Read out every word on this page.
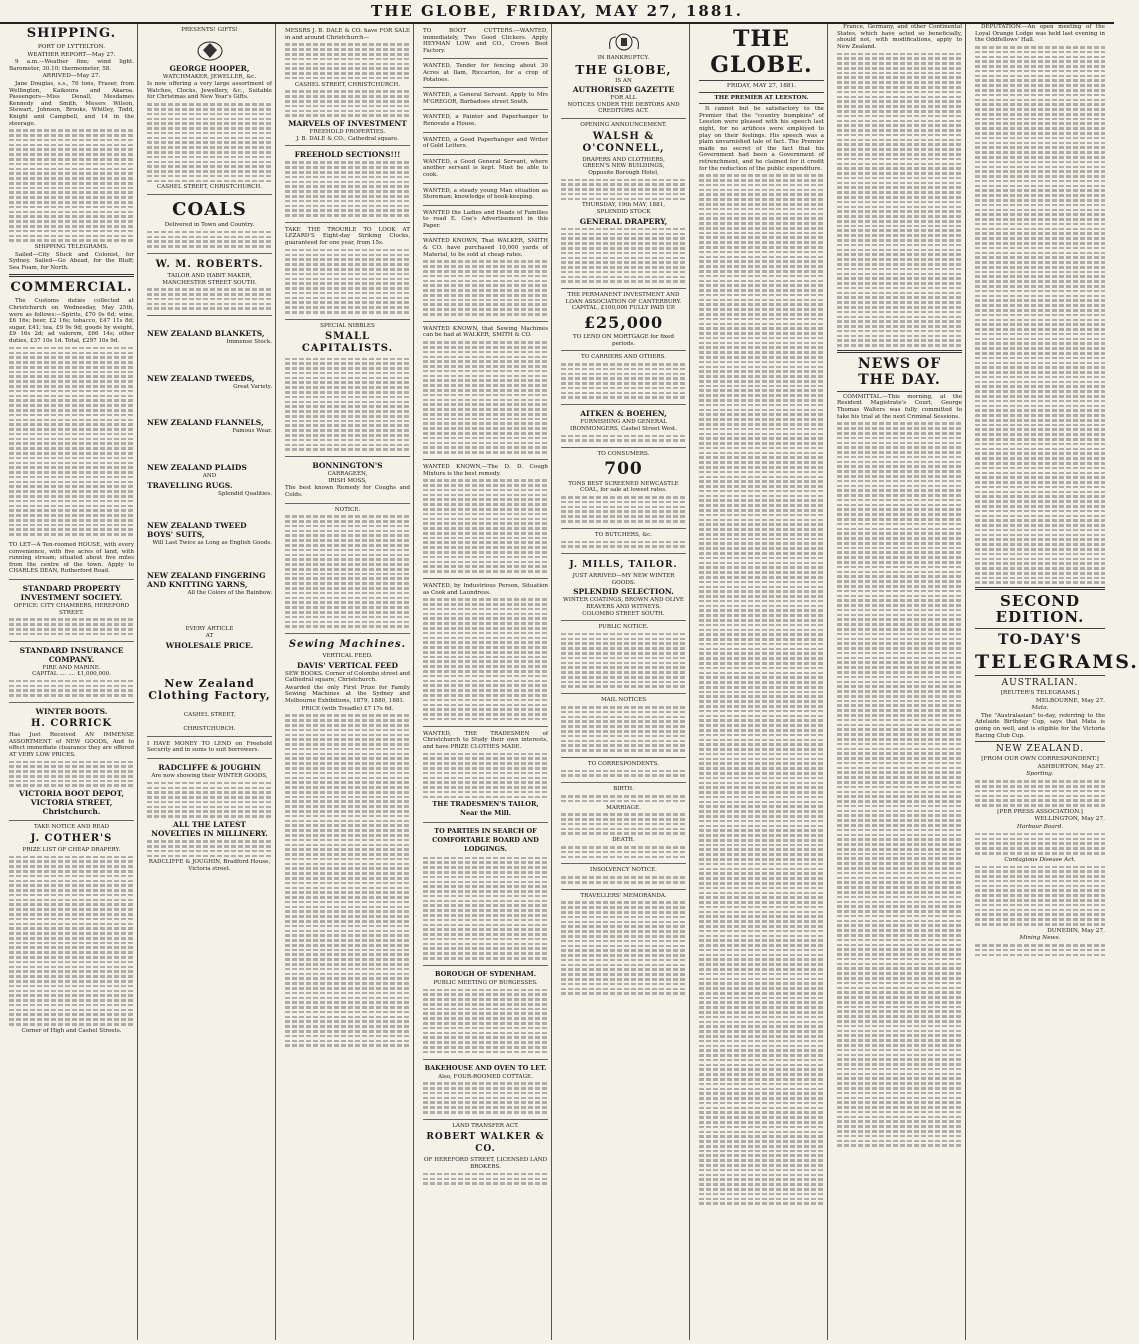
THE GLOBE, FRIDAY, MAY 27, 1881.
SHIPPING.
PORT OF LYTTELTON.
WEATHER REPORT—May 27.

9 a.m.—Weather fine; wind light. Barometer, 30.10; thermometer, 58.

ARRIVED—May 27.

Jane Douglas, s.s., 76 tons, Fraser, from Wellington, Kaikoura and Akaroa. Passengers—Miss Denall, Mesdames Kennedy and Smith, Messrs Wilson, Stewart, Johnson, Brooks, Whitley, Todd, Knight and Campbell, and 14 in the steerage.

SHIPPING TELEGRAMS.

Sailed—City Stuck and Colonist, for Sydney. Sailed—Go Ahead, for the Bluff; Sea Foam, for North.

COMMERCIAL.

The Customs duties collected at Christchurch on Wednesday, May 25th, were as follows:—Spirits, £70 0s 6d; wine, £6 16s; beer, £2 16s; tobacco, £47 11s 8d; sugar, £41; tea, £9 9s 9d; goods by weight, £9 16s 2d; ad valorem, £66 14s; other duties, £37 10s 1d. Total, £297 10s 9d.

TO LET—A Ten-roomed HOUSE, with every convenience, with five acres of land, with running stream; situated about five miles from the centre of the town. Apply to CHARLES DEAN, Rutherford Road.

STANDARD PROPERTY INVESTMENT SOCIETY.
OFFICE: CITY CHAMBERS, HEREFORD STREET.
STANDARD INSURANCE COMPANY.
FIRE AND MARINE.
CAPITAL .... .... £1,000,000.
WINTER BOOTS.
H. CORRICK

Has Just Received AN IMMENSE ASSORTMENT of NEW GOODS, And to effect immediate clearance they are offered AT VERY LOW PRICES.

VICTORIA BOOT DEPOT, VICTORIA STREET, Christchurch.
TAKE NOTICE AND READ
J. COTHER'S
PRIZE LIST OF CHEAP DRAPERY.
Corner of High and Cashel Streets.
PRESENTS! GIFTS!
GEORGE HOOPER,
WATCHMAKER, JEWELLER, &c.

Is now offering a very large assortment of Watches, Clocks, Jewellery, &c., Suitable for Christmas and New Year's Gifts.

CASHEL STREET, CHRISTCHURCH.
COALS
Delivered in Town and Country.
W. M. ROBERTS.
TAILOR AND HABIT MAKER, MANCHESTER STREET SOUTH.
NEW ZEALAND BLANKETS,
Immense Stock.
NEW ZEALAND TWEEDS,
Great Variety.
NEW ZEALAND FLANNELS,
Famous Wear.
NEW ZEALAND PLAIDS
AND
TRAVELLING RUGS.
Splendid Qualities.
NEW ZEALAND TWEED BOYS' SUITS,
Will Last Twice as Long as English Goods.
NEW ZEALAND FINGERING AND KNITTING YARNS,
All the Colors of the Rainbow.
EVERY ARTICLE
AT
WHOLESALE PRICE.
New Zealand Clothing Factory,
CASHEL STREET,
CHRISTCHURCH.

I HAVE MONEY TO LEND on Freehold Security and in sums to suit borrowers.

RADCLIFFE & JOUGHIN
Are now showing their WINTER GOODS,
ALL THE LATEST NOVELTIES IN MILLINERY.
RADCLIFFE & JOUGHIN, Bradford House, Victoria street.

MESSRS J. B. DALE & CO. have FOR SALE in and around Christchurch—

CASHEL STREET, CHRISTCHURCH.
MARVELS OF INVESTMENT
FREEHOLD PROPERTIES.
J. B. DALE & CO., Cathedral square.
FREEHOLD SECTIONS!!!

TAKE THE TROUBLE TO LOOK AT LEZARD'S Eight-day Striking Clocks, guaranteed for one year, from 15s.

SPECIAL NIBBLES
SMALL CAPITALISTS.
BONNINGTON'S
CARRAGEEN,
IRISH MOSS,

The best known Remedy for Coughs and Colds.

NOTICE.
Sewing Machines.
VERTICAL FEED.
DAVIS' VERTICAL FEED

SEW BOOKS. Corner of Colombo street and Cathedral square, Christchurch.

Awarded the only First Prize for Family Sewing Machines at the Sydney and Melbourne Exhibitions, 1879, 1880, 1881.

PRICE (with Treadle) £7 17s 6d.

TO BOOT CUTTERS.—WANTED, immediately, Two Good Clickers. Apply HEYMAN LOW and CO., Crown Boot Factory.

WANTED, Tender for fencing about 30 Acres at Ilam, Riccarton, for a crop of Potatoes.

WANTED, a General Servant. Apply to Mrs M'GREGOR, Barbadoes street South.

WANTED, a Painter and Paperhanger to Renovate a House.

WANTED, a Good Paperhanger and Writer of Gold Letters.

WANTED, a Good General Servant, where another servant is kept. Must be able to cook.

WANTED, a steady young Man situation as Storeman; knowledge of book-keeping.

WANTED the Ladies and Heads of Families to read E. Coe's Advertisement in this Paper.

WANTED KNOWN, That WALKER, SMITH & CO. have purchased 10,000 yards of Material, to be sold at cheap rates.

WANTED KNOWN, that Sewing Machines can be had at WALKER, SMITH & CO.

WANTED KNOWN,—The D. D. Cough Mixture is the best remedy.

WANTED, by Industrious Person, Situation as Cook and Laundress.

WANTED, THE TRADESMEN of Christchurch to Study their own interests, and have PRIZE CLOTHES MADE.

THE TRADESMEN'S TAILOR, Near the Mill.
TO PARTIES IN SEARCH OF COMFORTABLE BOARD AND LODGINGS.
BOROUGH OF SYDENHAM.
PUBLIC MEETING OF BURGESSES.
BAKEHOUSE AND OVEN TO LET.
Also, FOUR-ROOMED COTTAGE.
LAND TRANSFER ACT.
ROBERT WALKER & CO.
OF HEREFORD STREET, LICENSED LAND BROKERS.
IN BANKRUPTCY.
THE GLOBE,
IS AN
AUTHORISED GAZETTE
FOR ALL
NOTICES UNDER THE DEBTORS AND CREDITORS ACT.
OPENING ANNOUNCEMENT.
WALSH & O'CONNELL,
DRAPERS AND CLOTHIERS,
GREEN'S NEW BUILDINGS,
Opposite Borough Hotel,
THURSDAY, 19th MAY, 1881,
SPLENDID STOCK
GENERAL DRAPERY,
THE PERMANENT INVESTMENT AND LOAN ASSOCIATION OF CANTERBURY.
CAPITAL, £100,000 FULLY PAID UP.
£25,000
TO LEND ON MORTGAGE for fixed periods.
TO CARRIERS AND OTHERS.
AITKEN & BOEHEN,
FURNISHING AND GENERAL IRONMONGERS, Cashel Street West.
TO CONSUMERS.
700
TONS BEST SCREENED NEWCASTLE COAL, for sale at lowest rates.
TO BUTCHERS, &c.
J. MILLS, TAILOR.
JUST ARRIVED—MY NEW WINTER GOODS.
SPLENDID SELECTION.
WINTER COATINGS, BROWN AND OLIVE BEAVERS AND WITNEYS.
COLOMBO STREET SOUTH.
PUBLIC NOTICE.
MAIL NOTICES
TO CORRESPONDENTS.
BIRTH.
MARRIAGE.
DEATH.
INSOLVENCY NOTICE.
TRAVELLERS' MEMORANDA.
THE GLOBE.
FRIDAY, MAY 27, 1881.
THE PREMIER AT LEESTON.

It cannot but be satisfactory to the Premier that the "country bumpkins" of Leeston were pleased with his speech last night, for no artifices were employed to play on their feelings. His speech was a plain unvarnished tale of fact. The Premier made no secret of the fact that his Government had been a Government of retrenchment, and he claimed for it credit for the reduction of the public expenditure.

France, Germany, and other Continental States, which have acted so beneficially, should not, with modifications, apply to New Zealand.

NEWS OF THE DAY.

COMMITTAL.—This morning, at the Resident Magistrate's Court, George Thomas Walters was fully committed to take his trial at the next Criminal Sessions.

DEPUTATION.—An open meeting of the Loyal Orange Lodge was held last evening in the Oddfellows' Hall.

SECOND EDITION.
TO-DAY'S
TELEGRAMS.
AUSTRALIAN.
[REUTER'S TELEGRAMS.]
MELBOURNE, May 27.
Mata.

The "Australasian" to-day, referring to the Adelaide Birthday Cup, says that Mata is going on well, and is eligible for the Victoria Racing Club Cup.

NEW ZEALAND.
[FROM OUR OWN CORRESPONDENT.]
ASHBURTON, May 27.
Sporting.
[PER PRESS ASSOCIATION.]
WELLINGTON, May 27.
Harbour Board.
Contagious Disease Act.
DUNEDIN, May 27.
Mining News.
